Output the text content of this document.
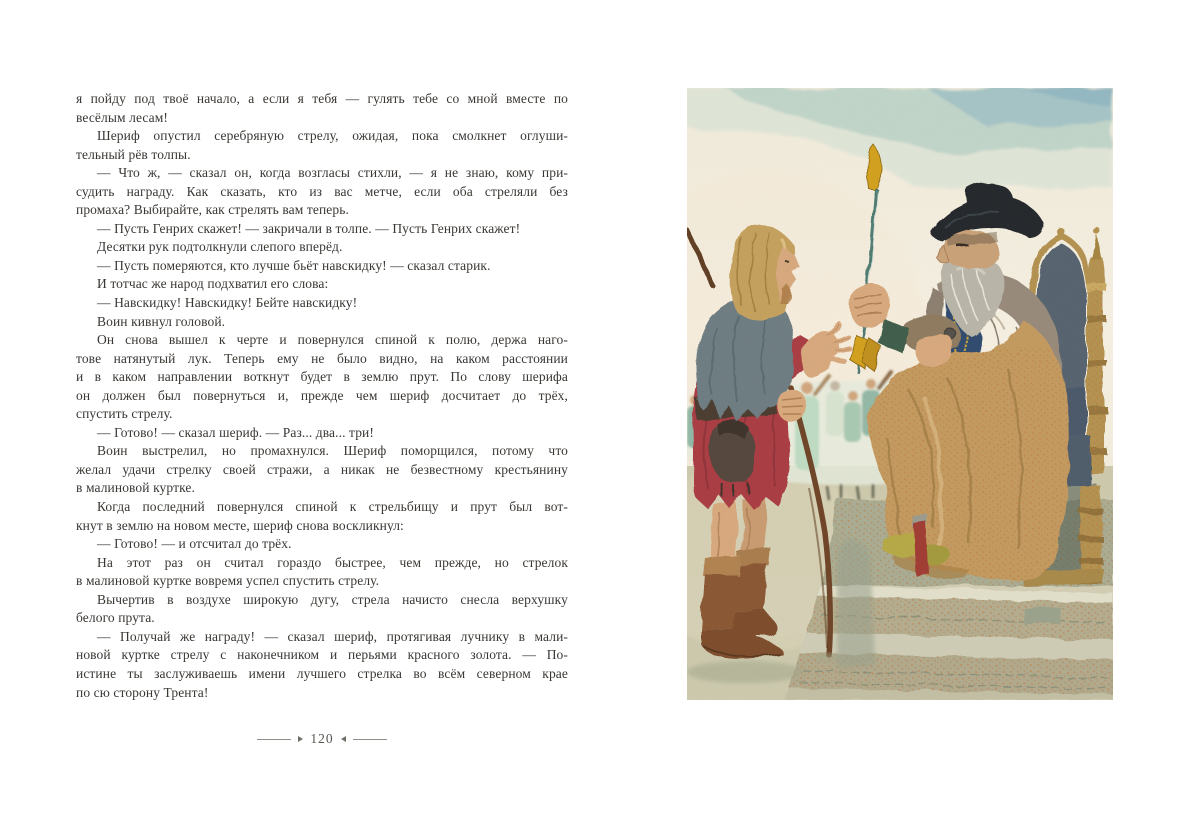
я пойду под твоё начало, а если я тебя — гулять тебе со мной вместе по
весёлым лесам!
Шериф опустил серебряную стрелу, ожидая, пока смолкнет оглуши-
тельный рёв толпы.
— Что ж, — сказал он, когда возгласы стихли, — я не знаю, кому при-
судить награду. Как сказать, кто из вас метче, если оба стреляли без
промаха? Выбирайте, как стрелять вам теперь.
— Пусть Генрих скажет! — закричали в толпе. — Пусть Генрих скажет!
Десятки рук подтолкнули слепого вперёд.
— Пусть померяются, кто лучше бьёт навскидку! — сказал старик.
И тотчас же народ подхватил его слова:
— Навскидку! Навскидку! Бейте навскидку!
Воин кивнул головой.
Он снова вышел к черте и повернулся спиной к полю, держа наго-
тове натянутый лук. Теперь ему не было видно, на каком расстоянии
и в каком направлении воткнут будет в землю прут. По слову шерифа
он должен был повернуться и, прежде чем шериф досчитает до трёх,
спустить стрелу.
— Готово! — сказал шериф. — Раз... два... три!
Воин выстрелил, но промахнулся. Шериф поморщился, потому что
желал удачи стрелку своей стражи, а никак не безвестному крестьянину
в малиновой куртке.
Когда последний повернулся спиной к стрельбищу и прут был вот-
кнут в землю на новом месте, шериф снова воскликнул:
— Готово! — и отсчитал до трёх.
На этот раз он считал гораздо быстрее, чем прежде, но стрелок
в малиновой куртке вовремя успел спустить стрелу.
Вычертив в воздухе широкую дугу, стрела начисто снесла верхушку
белого прута.
— Получай же награду! — сказал шериф, протягивая лучнику в мали-
новой куртке стрелу с наконечником и перьями красного золота. — По-
истине ты заслуживаешь имени лучшего стрелка во всём северном крае
по сю сторону Трента!
120
